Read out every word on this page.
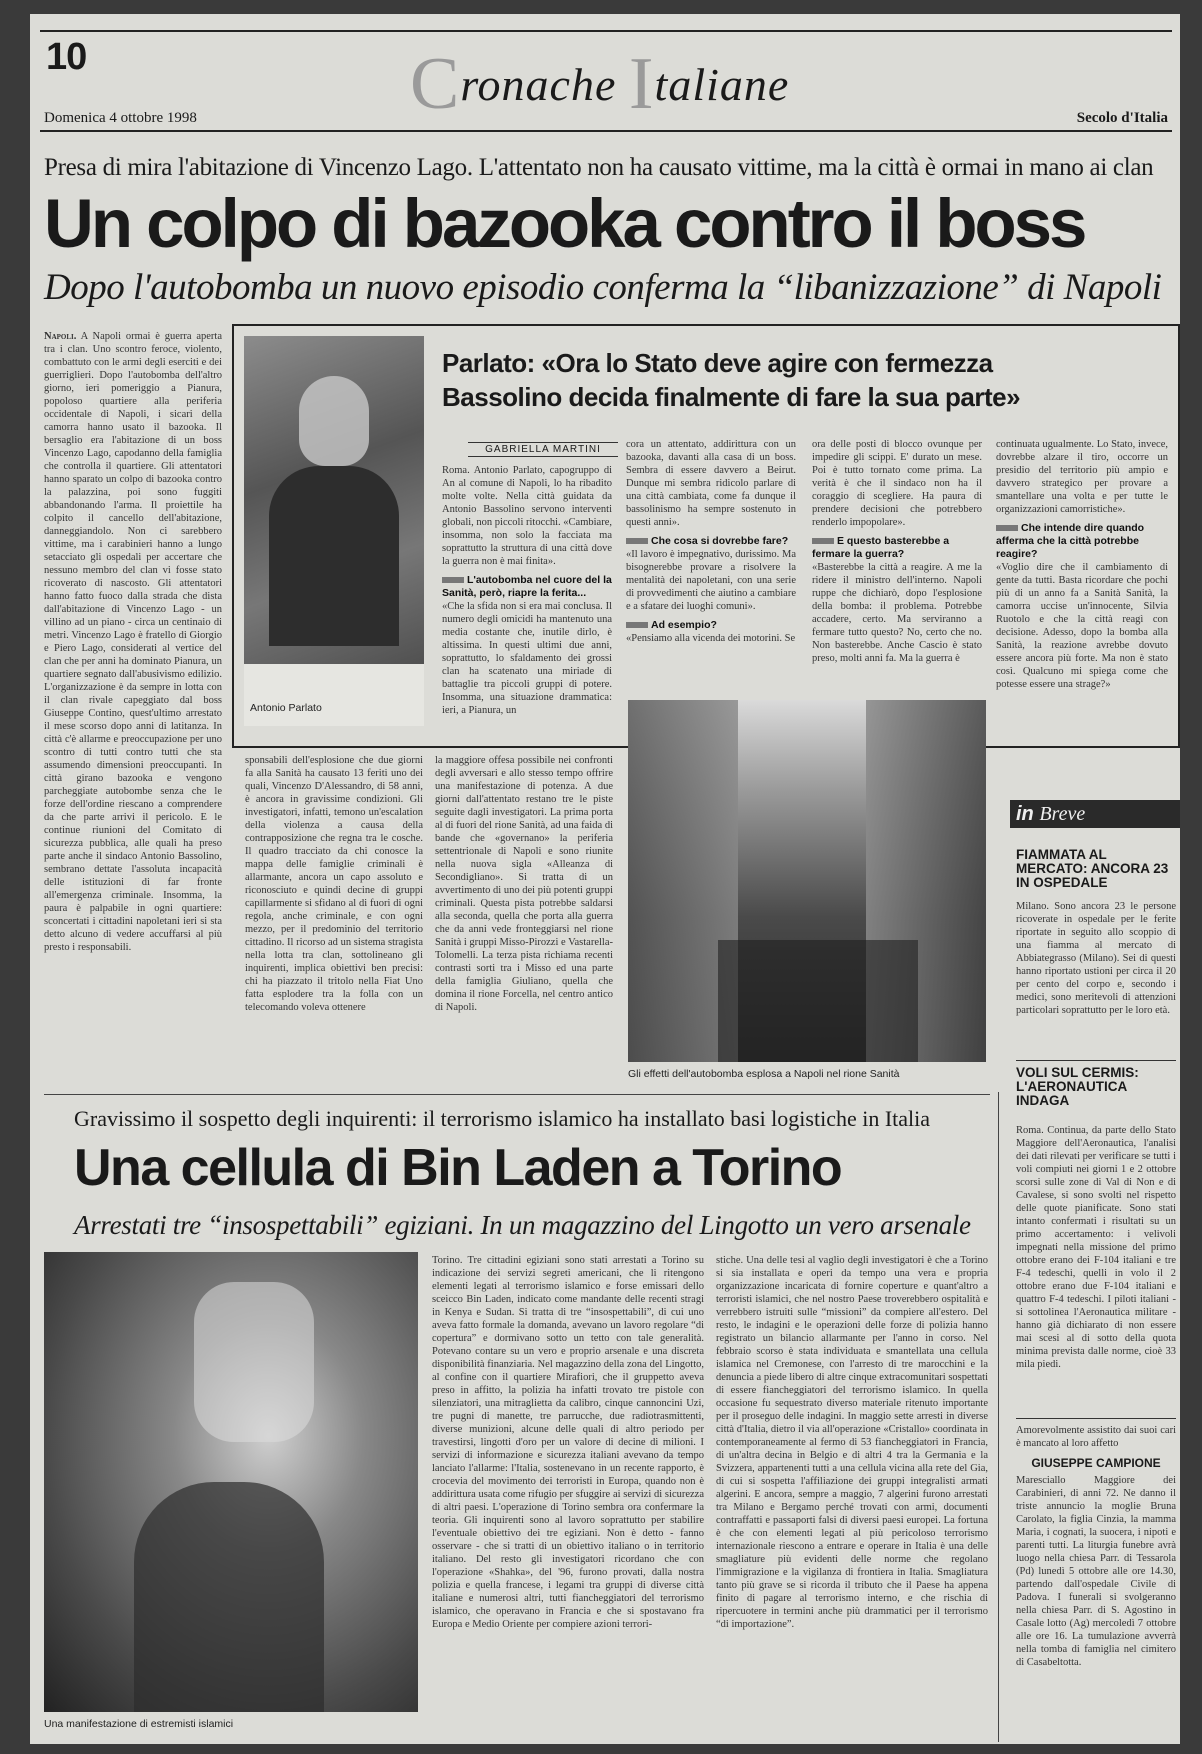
10	Cronache Italiane
Domenica 4 ottobre 1998	Secolo d'Italia
Presa di mira l'abitazione di Vincenzo Lago. L'attentato non ha causato vittime, ma la città è ormai in mano ai clan
Un colpo di bazooka contro il boss
Dopo l'autobomba un nuovo episodio conferma la “libanizzazione” di Napoli
Napoli. A Napoli ormai è guerra aperta tra i clan. Uno scontro feroce, violento, combattuto con le armi degli eserciti e dei guerriglieri. Dopo l'autobomba dell'altro giorno, ieri pomeriggio a Pianura, popoloso quartiere alla periferia occidentale di Napoli, i sicari della camorra hanno usato il bazooka. Il bersaglio era l'abitazione di un boss Vincenzo Lago, capodanno della famiglia che controlla il quartiere. Gli attentatori hanno sparato un colpo di bazooka contro la palazzina, poi sono fuggiti abbandonando l'arma. Il proiettile ha colpito il cancello dell'abitazione, danneggiandolo. Non ci sarebbero vittime, ma i carabinieri hanno a lungo setacciato gli ospedali per accertare che nessuno membro del clan vi fosse stato ricoverato di nascosto. Gli attentatori hanno fatto fuoco dalla strada che dista dall'abitazione di Vincenzo Lago - un villino ad un piano - circa un centinaio di metri. Vincenzo Lago è fratello di Giorgio e Piero Lago, considerati al vertice del clan che per anni ha dominato Pianura, un quartiere segnato dall'abusivismo edilizio. L'organizzazione è da sempre in lotta con il clan rivale capeggiato dal boss Giuseppe Contino, quest'ultimo arrestato il mese scorso dopo anni di latitanza. In città c'è allarme e preoccupazione per uno scontro di tutti contro tutti che sta assumendo dimensioni preoccupanti. In città girano bazooka e vengono parcheggiate autobombe senza che le forze dell'ordine riescano a comprendere da che parte arrivi il pericolo. E le continue riunioni del Comitato di sicurezza pubblica, alle quali ha preso parte anche il sindaco Antonio Bassolino, sembrano dettate l'assoluta incapacità delle istituzioni di far fronte all'emergenza criminale. Insomma, la paura è palpabile in ogni quartiere: sconcertati i cittadini napoletani ieri si sta detto alcuno di vedere accuffarsi al più presto i responsabili.
sponsabili dell'esplosione che due giorni fa alla Sanità ha causato 13 feriti uno dei quali, Vincenzo D'Alessandro, di 58 anni, è ancora in gravissime condizioni. Gli investigatori, infatti, temono un'escalation della violenza a causa della contrapposizione che regna tra le cosche. Il quadro tracciato da chi conosce la mappa delle famiglie criminali è allarmante, ancora un capo assoluto e riconosciuto e quindi decine di gruppi capillarmente si sfidano al di fuori di ogni regola, anche criminale, e con ogni mezzo, per il predominio del territorio cittadino. Il ricorso ad un sistema stragista nella lotta tra clan, sottolineano gli inquirenti, implica obiettivi ben precisi: chi ha piazzato il tritolo nella Fiat Uno fatta esplodere tra la folla con un telecomando voleva ottenere
la maggiore offesa possibile nei confronti degli avversari e allo stesso tempo offrire una manifestazione di potenza. A due giorni dall'attentato restano tre le piste seguite dagli investigatori. La prima porta al di fuori del rione Sanità, ad una faida di bande che «governano» la periferia settentrionale di Napoli e sono riunite nella nuova sigla «Alleanza di Secondigliano». Si tratta di un avvertimento di uno dei più potenti gruppi criminali. Questa pista potrebbe saldarsi alla seconda, quella che porta alla guerra che da anni vede fronteggiarsi nel rione Sanità i gruppi Misso-Pirozzi e Vastarella-Tolomelli. La terza pista richiama recenti contrasti sorti tra i Misso ed una parte della famiglia Giuliano, quella che domina il rione Forcella, nel centro antico di Napoli.
Antonio Parlato
Parlato: «Ora lo Stato deve agire con fermezza
Bassolino decida finalmente di fare la sua parte»
GABRIELLA MARTINI
Roma. Antonio Parlato, capogruppo di An al comune di Napoli, lo ha ribadito molte volte. Nella città guidata da Antonio Bassolino servono interventi globali, non piccoli ritocchi. «Cambiare, insomma, non solo la facciata ma soprattutto la struttura di una città dove la guerra non è mai finita».
L'autobomba nel cuore del la Sanità, però, riapre la ferita...
«Che la sfida non si era mai conclusa. Il numero degli omicidi ha mantenuto una media costante che, inutile dirlo, è altissima. In questi ultimi due anni, soprattutto, lo sfaldamento dei grossi clan ha scatenato una miriade di battaglie tra piccoli gruppi di potere. Insomma, una situazione drammatica: ieri, a Pianura, un
cora un attentato, addirittura con un bazooka, davanti alla casa di un boss. Sembra di essere davvero a Beirut. Dunque mi sembra ridicolo parlare di una città cambiata, come fa dunque il bassolinismo ha sempre sostenuto in questi anni».
Che cosa si dovrebbe fare?
«Il lavoro è impegnativo, durissimo. Ma bisognerebbe provare a risolvere la mentalità dei napoletani, con una serie di provvedimenti che aiutino a cambiare e a sfatare dei luoghi comuni».
Ad esempio?
«Pensiamo alla vicenda dei motorini. Se
ora delle posti di blocco ovunque per impedire gli scippi. E' durato un mese. Poi è tutto tornato come prima. La verità è che il sindaco non ha il coraggio di scegliere. Ha paura di prendere decisioni che potrebbero renderlo impopolare».
E questo basterebbe a fermare la guerra?
«Basterebbe la città a reagire. A me la ridere il ministro dell'interno. Napoli ruppe che dichiarò, dopo l'esplosione della bomba: il problema. Potrebbe accadere, certo. Ma serviranno a fermare tutto questo? No, certo che no. Non basterebbe. Anche Cascio è stato preso, molti anni fa. Ma la guerra è
continuata ugualmente. Lo Stato, invece, dovrebbe alzare il tiro, occorre un presidio del territorio più ampio e davvero strategico per provare a smantellare una volta e per tutte le organizzazioni camorristiche».
Che intende dire quando afferma che la città potrebbe reagire?
«Voglio dire che il cambiamento di gente da tutti. Basta ricordare che pochi più di un anno fa a Sanità Sanità, la camorra uccise un'innocente, Silvia Ruotolo e che la città reagì con decisione. Adesso, dopo la bomba alla Sanità, la reazione avrebbe dovuto essere ancora più forte. Ma non è stato così. Qualcuno mi spiega come che potesse essere una strage?»
Gli effetti dell'autobomba esplosa a Napoli nel rione Sanità
in Breve
FIAMMATA AL MERCATO: ANCORA 23 IN OSPEDALE
Milano. Sono ancora 23 le persone ricoverate in ospedale per le ferite riportate in seguito allo scoppio di una fiamma al mercato di Abbiategrasso (Milano). Sei di questi hanno riportato ustioni per circa il 20 per cento del corpo e, secondo i medici, sono meritevoli di attenzioni particolari soprattutto per le loro età.
VOLI SUL CERMIS: L'AERONAUTICA INDAGA
Roma. Continua, da parte dello Stato Maggiore dell'Aeronautica, l'analisi dei dati rilevati per verificare se tutti i voli compiuti nei giorni 1 e 2 ottobre scorsi sulle zone di Val di Non e di Cavalese, si sono svolti nel rispetto delle quote pianificate. Sono stati intanto confermati i risultati su un primo accertamento: i velivoli impegnati nella missione del primo ottobre erano dei F-104 italiani e tre F-4 tedeschi, quelli in volo il 2 ottobre erano due F-104 italiani e quattro F-4 tedeschi. I piloti italiani - si sottolinea l'Aeronautica militare - hanno già dichiarato di non essere mai scesi al di sotto della quota minima prevista dalle norme, cioè 33 mila piedi.
Amorevolmente assistito dai suoi cari è mancato al loro affetto
GIUSEPPE CAMPIONE
Maresciallo Maggiore dei Carabinieri, di anni 72. Ne danno il triste annuncio la moglie Bruna Carolato, la figlia Cinzia, la mamma Maria, i cognati, la suocera, i nipoti e parenti tutti. La liturgia funebre avrà luogo nella chiesa Parr. di Tessarola (Pd) lunedì 5 ottobre alle ore 14.30, partendo dall'ospedale Civile di Padova. I funerali si svolgeranno nella chiesa Parr. di S. Agostino in Casale lotto (Ag) mercoledì 7 ottobre alle ore 16. La tumulazione avverrà nella tomba di famiglia nel cimitero di Casabeltotta.
Gravissimo il sospetto degli inquirenti: il terrorismo islamico ha installato basi logistiche in Italia
Una cellula di Bin Laden a Torino
Arrestati tre “insospettabili” egiziani. In un magazzino del Lingotto un vero arsenale
Una manifestazione di estremisti islamici
Torino. Tre cittadini egiziani sono stati arrestati a Torino su indicazione dei servizi segreti americani, che li ritengono elementi legati al terrorismo islamico e forse emissari dello sceicco Bin Laden, indicato come mandante delle recenti stragi in Kenya e Sudan. Si tratta di tre “insospettabili”, di cui uno aveva fatto formale la domanda, avevano un lavoro regolare “di copertura” e dormivano sotto un tetto con tale generalità. Potevano contare su un vero e proprio arsenale e una discreta disponibilità finanziaria. Nel magazzino della zona del Lingotto, al confine con il quartiere Mirafiori, che il gruppetto aveva preso in affitto, la polizia ha infatti trovato tre pistole con silenziatori, una mitraglietta da calibro, cinque cannoncini Uzi, tre pugni di manette, tre parrucche, due radiotrasmittenti, diverse munizioni, alcune delle quali di altro periodo per travestirsi, lingotti d'oro per un valore di decine di milioni. I servizi di informazione e sicurezza italiani avevano da tempo lanciato l'allarme: l'Italia, sostenevano in un recente rapporto, è crocevia del movimento dei terroristi in Europa, quando non è addirittura usata come rifugio per sfuggire ai servizi di sicurezza di altri paesi. L'operazione di Torino sembra ora confermare la teoria. Gli inquirenti sono al lavoro soprattutto per stabilire l'eventuale obiettivo dei tre egiziani. Non è detto - fanno osservare - che si tratti di un obiettivo italiano o in territorio italiano. Del resto gli investigatori ricordano che con l'operazione «Shahka», del '96, furono provati, dalla nostra polizia e quella francese, i legami tra gruppi di diverse città italiane e numerosi altri, tutti fiancheggiatori del terrorismo islamico, che operavano in Francia e che si spostavano fra Europa e Medio Oriente per compiere azioni terrori-
stiche. Una delle tesi al vaglio degli investigatori è che a Torino si sia installata e operi da tempo una vera e propria organizzazione incaricata di fornire coperture e quant'altro a terroristi islamici, che nel nostro Paese troverebbero ospitalità e verrebbero istruiti sulle “missioni” da compiere all'estero. Del resto, le indagini e le operazioni delle forze di polizia hanno registrato un bilancio allarmante per l'anno in corso. Nel febbraio scorso è stata individuata e smantellata una cellula islamica nel Cremonese, con l'arresto di tre marocchini e la denuncia a piede libero di altre cinque extracomunitari sospettati di essere fiancheggiatori del terrorismo islamico. In quella occasione fu sequestrato diverso materiale ritenuto importante per il proseguo delle indagini. In maggio sette arresti in diverse città d'Italia, dietro il via all'operazione «Cristallo» coordinata in contemporaneamente al fermo di 53 fiancheggiatori in Francia, di un'altra decina in Belgio e di altri 4 tra la Germania e la Svizzera, appartenenti tutti a una cellula vicina alla rete del Gia, di cui si sospetta l'affiliazione dei gruppi integralisti armati algerini. E ancora, sempre a maggio, 7 algerini furono arrestati tra Milano e Bergamo perché trovati con armi, documenti contraffatti e passaporti falsi di diversi paesi europei. La fortuna è che con elementi legati al più pericoloso terrorismo internazionale riescono a entrare e operare in Italia è una delle smagliature più evidenti delle norme che regolano l'immigrazione e la vigilanza di frontiera in Italia. Smagliatura tanto più grave se si ricorda il tributo che il Paese ha appena finito di pagare al terrorismo interno, e che rischia di ripercuotere in termini anche più drammatici per il terrorismo “di importazione”.
